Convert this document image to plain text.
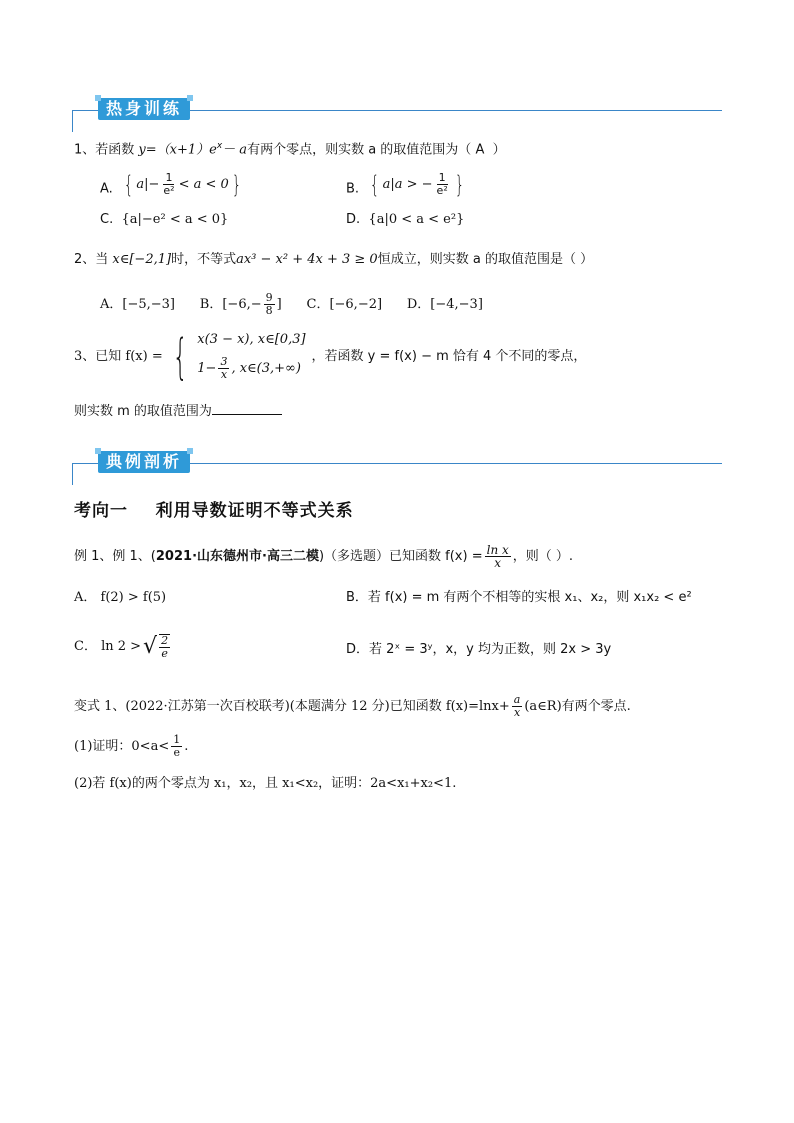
热身训练
1、若函数 $y=(x+1)e^x- a$有两个零点，则实数 a 的取值范围为（ A ）
A. { $a|- \frac{1}{\text{e²}} < a < 0$ }	B. { a|a > − $\frac{1}{\text{e²}}$ }
C. {a|−e² < a < 0}	D. {a|0 < a < e²}
2、当 x∈[−2,1]时，不等式ax³ − x² + 4x + 3 ≥ 0恒成立，则实数 a 的取值范围是（ ）
A．[−5,−3] B．[$-6,- \frac{9}{8}$ ] C．[−6,−2] D．[−4,−3]
3、已知 f(x) = { x(3 − x), x∈[0,3]
$1- \frac{3}{x}$ , x∈(3,+∞)
，若函数 y = f(x) − m 恰有 4 个不同的零点，
则实数 m 的取值范围为
典例剖析
考向一    利用导数证明不等式关系
例 1、例 1、( 2021·山东德州市·高三二模 )（多选题）已知函数 $f(x) = \frac{\text{ln x}}{x}$ ，则（ ）.
A． f(2) > f(5)	B．若 f(x) = m 有两个不相等的实根 x₁、x₂，则 x₁x₂ < e²
C． ln 2 > √ $\frac{2}{e}$	D．若 2ˣ = 3ʸ，x，y 均为正数，则 2x > 3y
变式 1、(2022·江苏第一次百校联考)(本题满分 12 分)已知函数 $f(x)=\ln x+ \frac{a}{x}$ (a∈R)有两个零点.
(1)证明：$0<a< \frac{1}{e}$ .
(2)若 f(x)的两个零点为 x₁，x₂，且 x₁<x₂，证明：2a<x₁+x₂<1.
